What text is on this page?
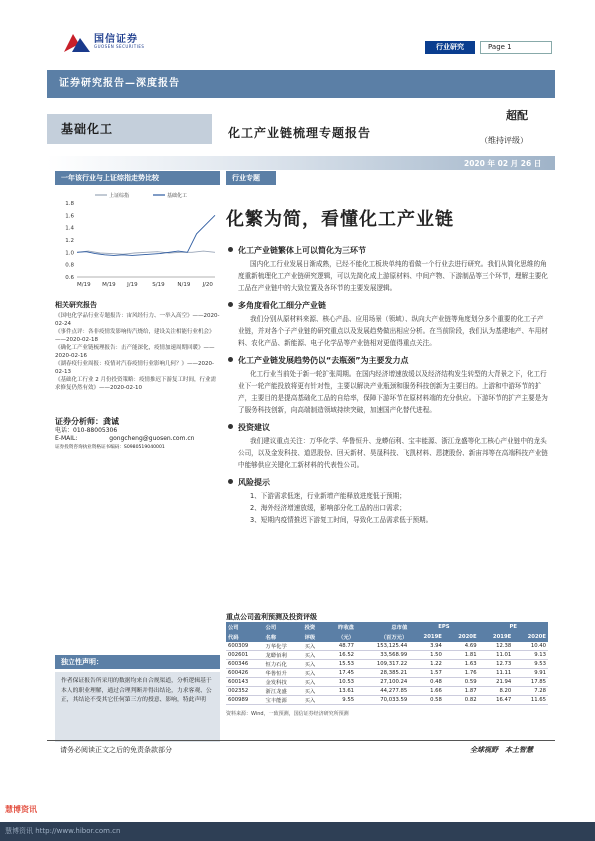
国信证券
GUOSEN SECURITIES	行业研究	Page 1
证券研究报告—深度报告
基础化工	化工产业链梳理专题报告
超配
（维持评级）
2020 年 02 月 26 日
一年该行业与上证综指走势比较	行业专题
化繁为简，看懂化工产业链
上证综指	基础化工
1.8
1.6
1.4
1.2
1.0
0.8
0.6
M/19 M/19 J/19	S/19 N/19 J/20
相关研究报告
《国电化学品行业专题报告：宙风经行力、一举入高空》——2020-02-24
《事件点评：各非疫情发影响传汽烧给，建设关注相能行业机会》——2020-02-18
《确化工产业链梳理报告：击产能深化，疫情加速周期回暖》——2020-02-16
《湖春疫行业周报：疫情对汽春疫情行业影响几何？》——2020-02-13
《基础化工行业 2 月份投资策略：疫情推迟下游复工时间，行业需求修复仍然有效》——2020-02-10
证券分析师：龚诚
电话：010-88005306
E-MAIL:	gongcheng@guosen.com.cn
证券投资咨询执业资格证书编码：S0980519040001
独立性声明：
作者保证报告所采用的数据均来自合规渠道，分析逻辑基于本人的职业理解，通过合理判断并得出结论，力求客观、公正，其结论不受其它任何第三方的授意、影响，特此声明
化工产业链繁体上可以简化为三环节
国内化工行业发展日渐成熟，已经不能化工板块单纯的看做一个行业去进行研究。我们从简化思维的角度重新梳理化工产业链研究逻辑，可以先简化成上游原材料、中间产物、下游制品等三个环节，理解主要化工品在产业链中的大致位置及各环节的主要发展逻辑。
多角度看化工细分产业链
我们分别从原材料来源、核心产品、应用场景（领域）、纵向大产业链等角度划分多个重要的化工子产业链，并对各个子产业链的研究重点以及发展趋势做出相应分析。在当前阶段，我们认为基建地产、车用材料、农化产品、新能源、电子化学品等产业链相对更值得重点关注。
化工产业链发展趋势仍以“去瓶颈”为主要发力点
化工行业当前处于新一轮扩张周期。在国内经济增速放缓以及经济结构发生转型的大背景之下，化工行业下一轮产能投放将更有针对性，主要以解决产业瓶颈和服务科技创新为主要目的。上游和中游环节的扩产，主要目的是提高基础化工品的自给率，保障下游环节在原材料端的充分供应。下游环节的扩产主要是为了服务科技创新，向高端制造领域持续突破，加速国产化替代进程。
投资建议
我们建议重点关注：万华化学、华鲁恒升、龙蟒佰利、宝丰能源、浙江龙盛等化工核心产业链中的龙头公司，以及金发科技、道恩股份、回天新材、昊晟科技、飞凯材料、恩捷股份、新宙邦等在高端科技产业链中能够供应关键化工新材料的代表性公司。
风险提示
1、下游需求低迷，行业新增产能释放进度低于预期；
2、海外经济增速放缓，影响部分化工品的出口需求；
3、短期内疫情推迟下游复工时间，导致化工品需求低于预期。
重点公司盈利预测及投资评级
公司	公司	投资	昨收盘	总市值	EPS		PE	
代码	名称	评级	（元）	（百万元）	2019E	2020E	2019E	2020E
600309	万华化学	买入	48.77	153,125.44	3.94	4.69	12.38	10.40
002601	龙蟒佰利	买入	16.52	33,568.99	1.50	1.81	11.01	9.13
600346	恒力石化	买入	15.53	109,317.22	1.22	1.63	12.73	9.53
600426	华鲁恒升	买入	17.45	28,385.21	1.57	1.76	11.11	9.91
600143	金发科技	买入	10.53	27,100.24	0.48	0.59	21.94	17.85
002352	浙江龙盛	买入	13.61	44,277.85	1.66	1.87	8.20	7.28
600989	宝丰能源	买入	9.55	70,033.59	0.58	0.82	16.47	11.65
资料来源：Wind，一致预测，国信证券经济研究所预测
请务必阅读正文之后的免责条款部分	全球视野　本土智慧
慧博资讯
慧博资讯 http://www.hibor.com.cn
